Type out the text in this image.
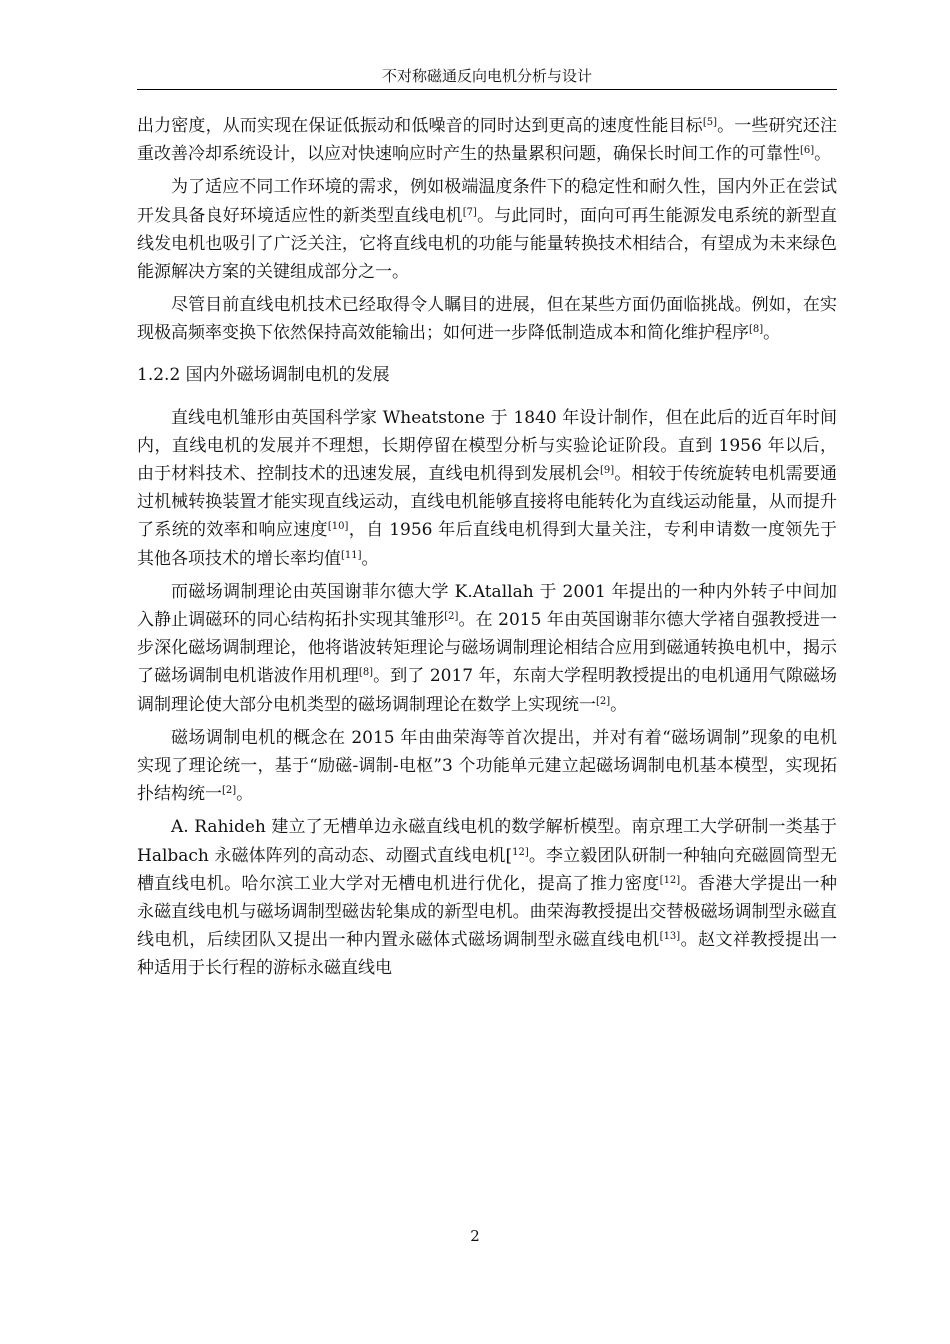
不对称磁通反向电机分析与设计

出力密度，从而实现在保证低振动和低噪音的同时达到更高的速度性能目标[5]。一些研究还注重改善冷却系统设计，以应对快速响应时产生的热量累积问题，确保长时间工作的可靠性[6]。

为了适应不同工作环境的需求，例如极端温度条件下的稳定性和耐久性，国内外正在尝试开发具备良好环境适应性的新类型直线电机[7]。与此同时，面向可再生能源发电系统的新型直线发电机也吸引了广泛关注，它将直线电机的功能与能量转换技术相结合，有望成为未来绿色能源解决方案的关键组成部分之一。

尽管目前直线电机技术已经取得令人瞩目的进展，但在某些方面仍面临挑战。例如，在实现极高频率变换下依然保持高效能输出；如何进一步降低制造成本和简化维护程序[8]。

1.2.2 国内外磁场调制电机的发展

直线电机雏形由英国科学家 Wheatstone 于 1840 年设计制作，但在此后的近百年时间内，直线电机的发展并不理想，长期停留在模型分析与实验论证阶段。直到 1956 年以后，由于材料技术、控制技术的迅速发展，直线电机得到发展机会[9]。相较于传统旋转电机需要通过机械转换装置才能实现直线运动，直线电机能够直接将电能转化为直线运动能量，从而提升了系统的效率和响应速度[10]，自 1956 年后直线电机得到大量关注，专利申请数一度领先于其他各项技术的增长率均值[11]。

而磁场调制理论由英国谢菲尔德大学 K.Atallah 于 2001 年提出的一种内外转子中间加入静止调磁环的同心结构拓扑实现其雏形[2]。在 2015 年由英国谢菲尔德大学褚自强教授进一步深化磁场调制理论，他将谐波转矩理论与磁场调制理论相结合应用到磁通转换电机中，揭示了磁场调制电机谐波作用机理[8]。到了 2017 年，东南大学程明教授提出的电机通用气隙磁场调制理论使大部分电机类型的磁场调制理论在数学上实现统一[2]。

磁场调制电机的概念在 2015 年由曲荣海等首次提出，并对有着“磁场调制”现象的电机实现了理论统一，基于“励磁-调制-电枢”3 个功能单元建立起磁场调制电机基本模型，实现拓扑结构统一[2]。

A. Rahideh 建立了无槽单边永磁直线电机的数学解析模型。南京理工大学研制一类基于 Halbach 永磁体阵列的高动态、动圈式直线电机[$^{12]}$。李立毅团队研制一种轴向充磁圆筒型无槽直线电机。哈尔滨工业大学对无槽电机进行优化，提高了推力密度[12]。香港大学提出一种永磁直线电机与磁场调制型磁齿轮集成的新型电机。曲荣海教授提出交替极磁场调制型永磁直线电机，后续团队又提出一种内置永磁体式磁场调制型永磁直线电机[13]。赵文祥教授提出一种适用于长行程的游标永磁直线电

2
